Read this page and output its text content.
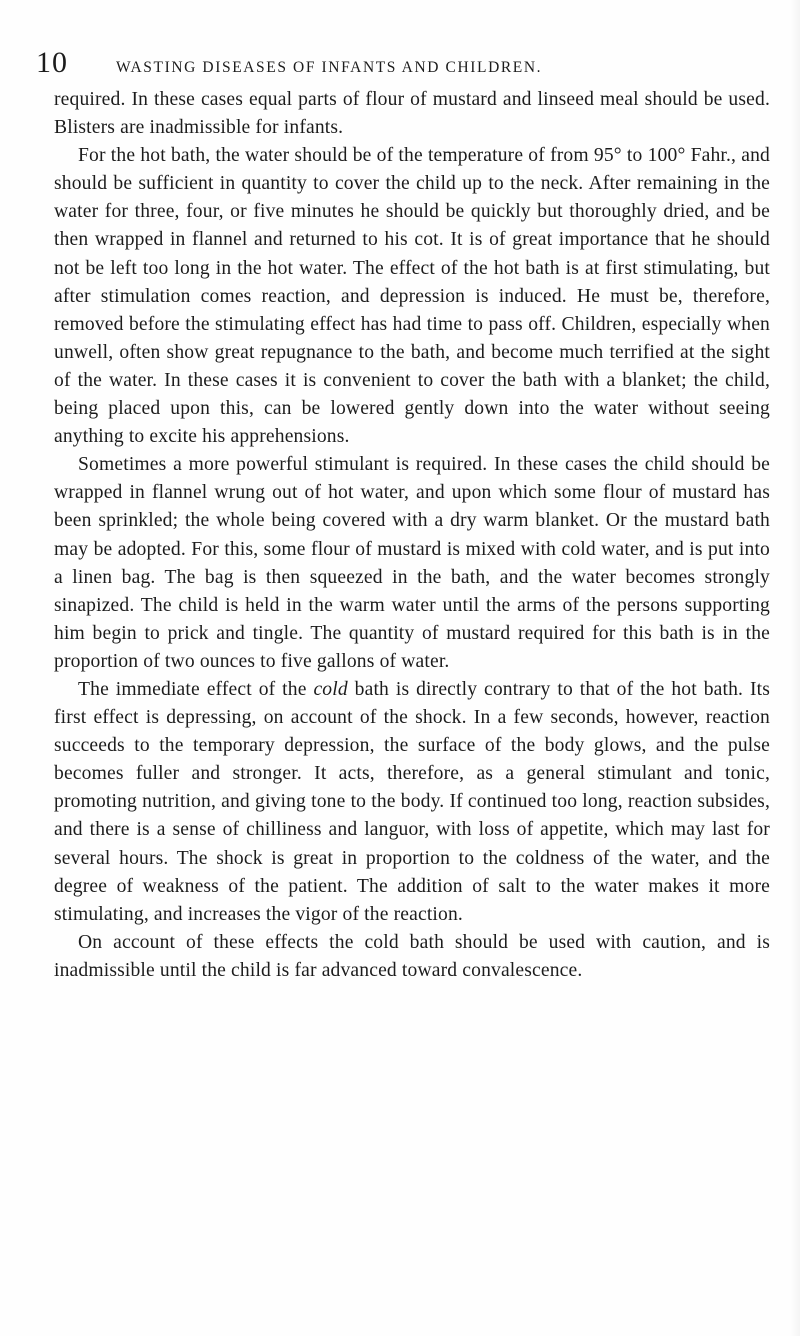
10	WASTING DISEASES OF INFANTS AND CHILDREN.

required. In these cases equal parts of flour of mustard and linseed meal should be used. Blisters are inadmissible for infants.

For the hot bath, the water should be of the temperature of from 95° to 100° Fahr., and should be sufficient in quantity to cover the child up to the neck. After remaining in the water for three, four, or five minutes he should be quickly but thoroughly dried, and be then wrapped in flannel and returned to his cot. It is of great importance that he should not be left too long in the hot water. The effect of the hot bath is at first stimulating, but after stimulation comes reaction, and depression is induced. He must be, therefore, removed before the stimulating effect has had time to pass off. Children, especially when unwell, often show great repugnance to the bath, and become much terrified at the sight of the water. In these cases it is convenient to cover the bath with a blanket; the child, being placed upon this, can be lowered gently down into the water without seeing anything to excite his apprehensions.

Sometimes a more powerful stimulant is required. In these cases the child should be wrapped in flannel wrung out of hot water, and upon which some flour of mustard has been sprinkled; the whole being covered with a dry warm blanket. Or the mustard bath may be adopted. For this, some flour of mustard is mixed with cold water, and is put into a linen bag. The bag is then squeezed in the bath, and the water becomes strongly sinapized. The child is held in the warm water until the arms of the persons supporting him begin to prick and tingle. The quantity of mustard required for this bath is in the proportion of two ounces to five gallons of water.

The immediate effect of the cold bath is directly contrary to that of the hot bath. Its first effect is depressing, on account of the shock. In a few seconds, however, reaction succeeds to the temporary depression, the surface of the body glows, and the pulse becomes fuller and stronger. It acts, therefore, as a general stimulant and tonic, promoting nutrition, and giving tone to the body. If continued too long, reaction subsides, and there is a sense of chilliness and languor, with loss of appetite, which may last for several hours. The shock is great in proportion to the coldness of the water, and the degree of weakness of the patient. The addition of salt to the water makes it more stimulating, and increases the vigor of the reaction.

On account of these effects the cold bath should be used with caution, and is inadmissible until the child is far advanced toward convalescence.
